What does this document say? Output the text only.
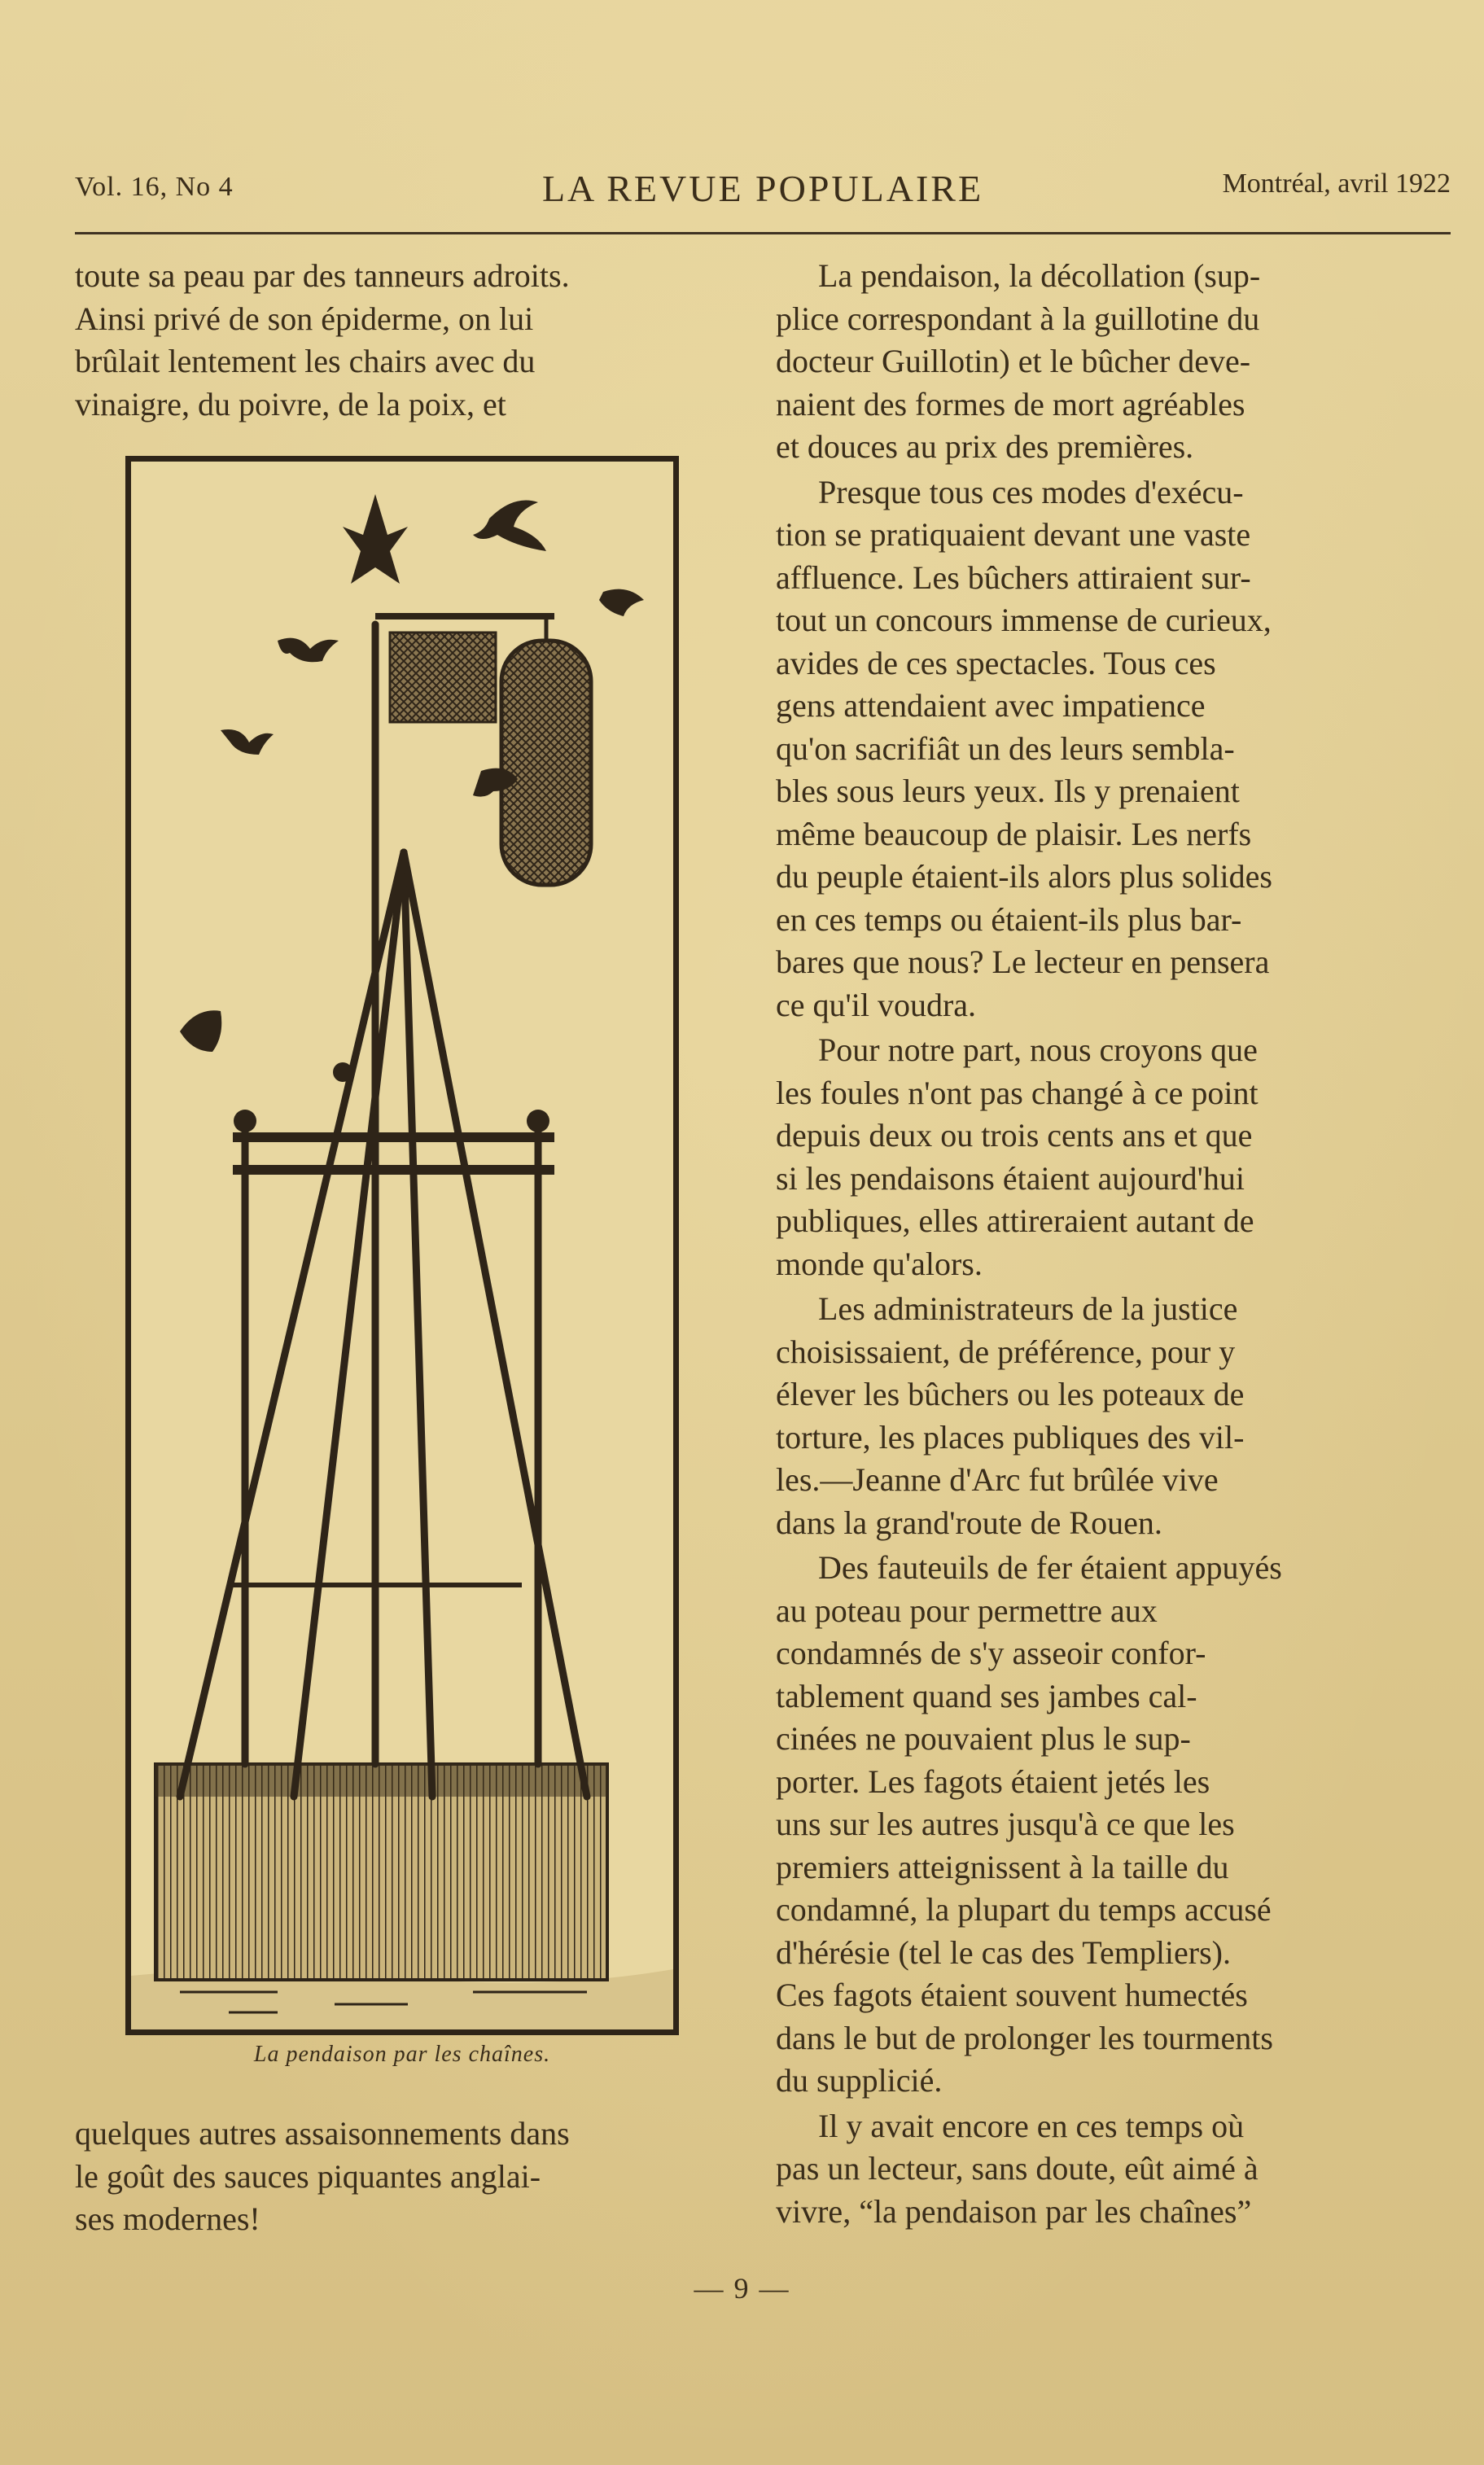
Vol. 16, No 4	LA REVUE POPULAIRE	Montréal, avril 1922

toute sa peau par des tanneurs adroits.
Ainsi privé de son épiderme, on lui
brûlait lentement les chairs avec du
vinaigre, du poivre, de la poix, et

La pendaison par les chaînes.

quelques autres assaisonnements dans
le goût des sauces piquantes anglai-
ses modernes!

La pendaison, la décollation (sup-
plice correspondant à la guillotine du
docteur Guillotin) et le bûcher deve-
naient des formes de mort agréables
et douces au prix des premières.

Presque tous ces modes d'exécu-
tion se pratiquaient devant une vaste
affluence. Les bûchers attiraient sur-
tout un concours immense de curieux,
avides de ces spectacles. Tous ces
gens attendaient avec impatience
qu'on sacrifiât un des leurs sembla-
bles sous leurs yeux. Ils y prenaient
même beaucoup de plaisir. Les nerfs
du peuple étaient-ils alors plus solides
en ces temps ou étaient-ils plus bar-
bares que nous? Le lecteur en pensera
ce qu'il voudra.

Pour notre part, nous croyons que
les foules n'ont pas changé à ce point
depuis deux ou trois cents ans et que
si les pendaisons étaient aujourd'hui
publiques, elles attireraient autant de
monde qu'alors.

Les administrateurs de la justice
choisissaient, de préférence, pour y
élever les bûchers ou les poteaux de
torture, les places publiques des vil-
les.—Jeanne d'Arc fut brûlée vive
dans la grand'route de Rouen.

Des fauteuils de fer étaient appuyés
au poteau pour permettre aux
condamnés de s'y asseoir confor-
tablement quand ses jambes cal-
cinées ne pouvaient plus le sup-
porter. Les fagots étaient jetés les
uns sur les autres jusqu'à ce que les
premiers atteignissent à la taille du
condamné, la plupart du temps accusé
d'hérésie (tel le cas des Templiers).
Ces fagots étaient souvent humectés
dans le but de prolonger les tourments
du supplicié.

Il y avait encore en ces temps où
pas un lecteur, sans doute, eût aimé à
vivre, “la pendaison par les chaînes”

— 9 —
